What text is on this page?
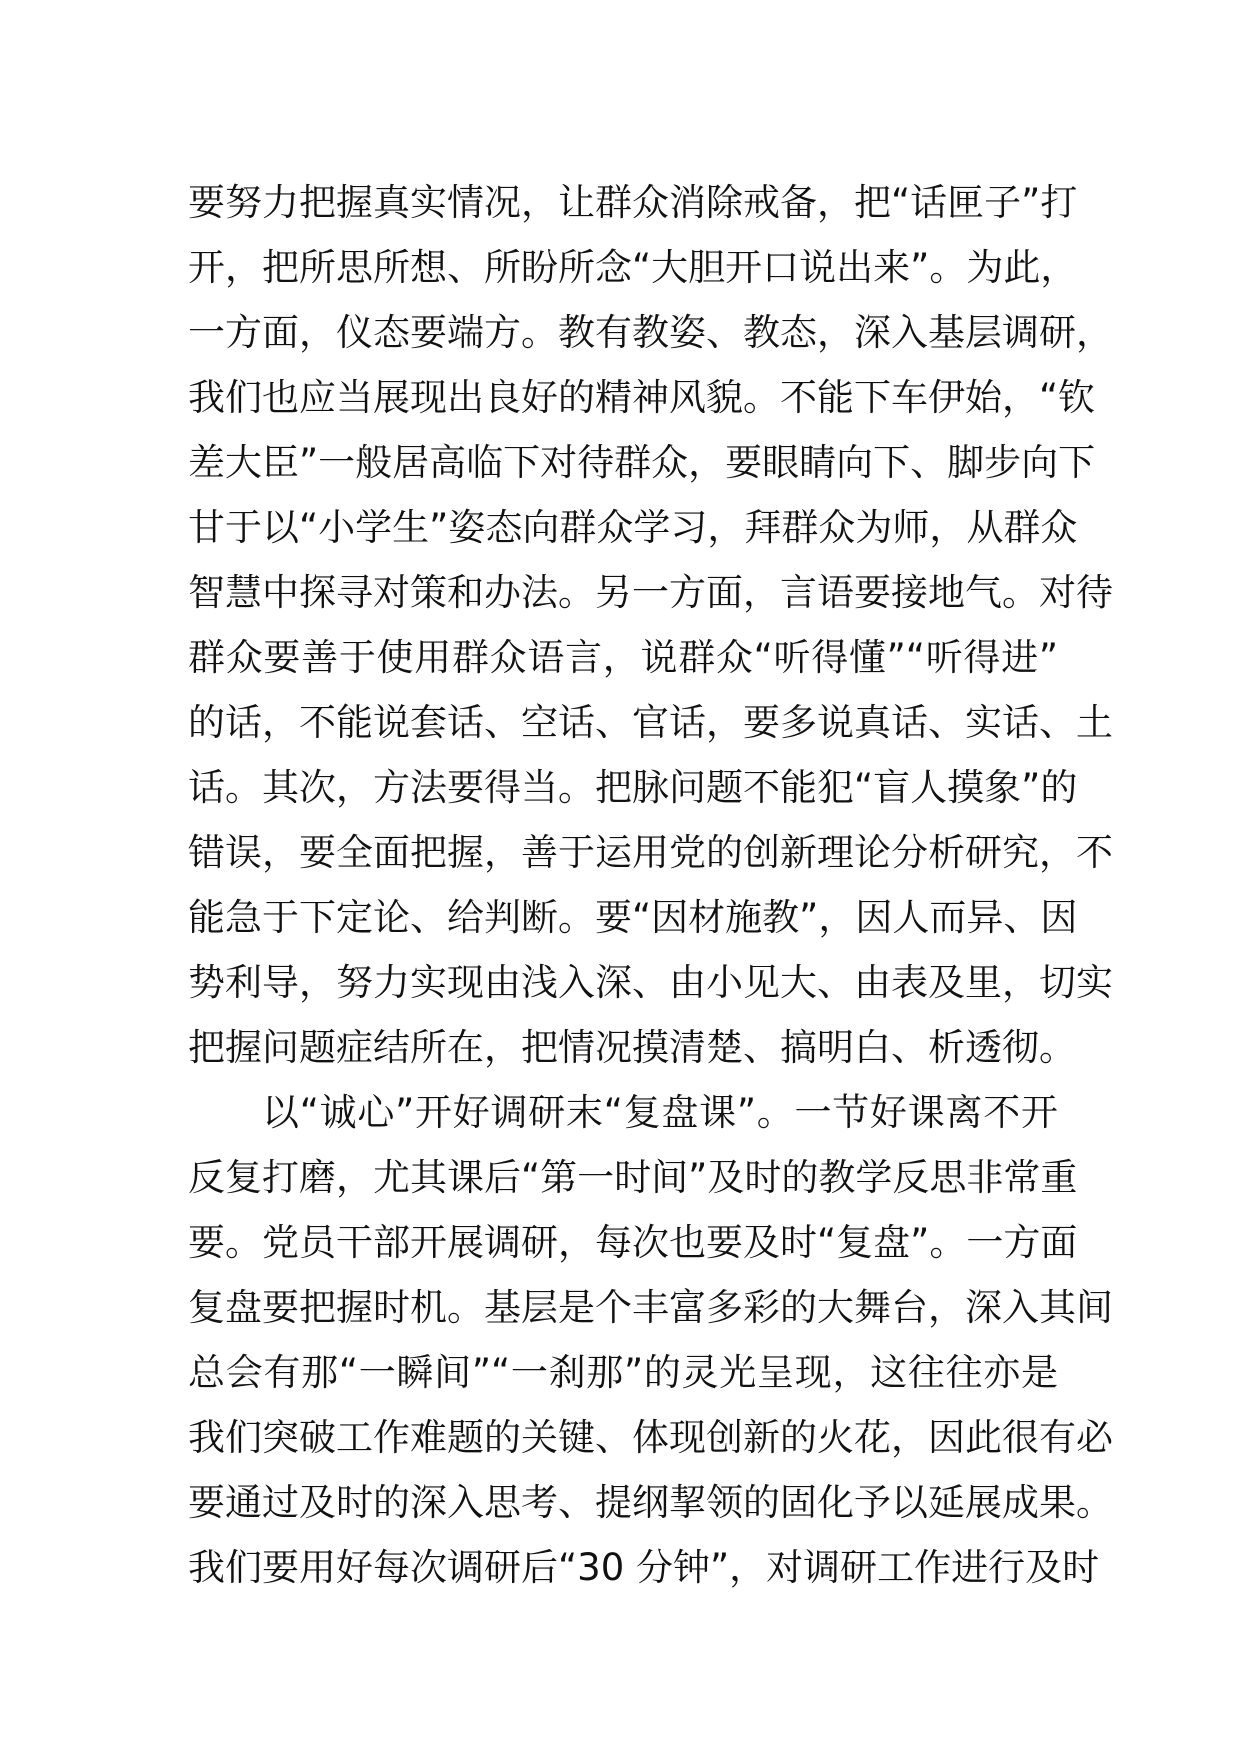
要努力把握真实情况，让群众消除戒备，把“话匣子”打
开，把所思所想、所盼所念“大胆开口说出来”。为此，
一方面，仪态要端方。教有教姿、教态，深入基层调研，
我们也应当展现出良好的精神风貌。不能下车伊始，“钦
差大臣”一般居高临下对待群众，要眼睛向下、脚步向下
甘于以“小学生”姿态向群众学习，拜群众为师，从群众
智慧中探寻对策和办法。另一方面，言语要接地气。对待
群众要善于使用群众语言，说群众“听得懂”“听得进”
的话，不能说套话、空话、官话，要多说真话、实话、土
话。其次，方法要得当。把脉问题不能犯“盲人摸象”的
错误，要全面把握，善于运用党的创新理论分析研究，不
能急于下定论、给判断。要“因材施教”，因人而异、因
势利导，努力实现由浅入深、由小见大、由表及里，切实
把握问题症结所在，把情况摸清楚、搞明白、析透彻。
以“诚心”开好调研末“复盘课”。一节好课离不开
反复打磨，尤其课后“第一时间”及时的教学反思非常重
要。党员干部开展调研，每次也要及时“复盘”。一方面
复盘要把握时机。基层是个丰富多彩的大舞台，深入其间
总会有那“一瞬间”“一刹那”的灵光呈现，这往往亦是
我们突破工作难题的关键、体现创新的火花，因此很有必
要通过及时的深入思考、提纲挈领的固化予以延展成果。
我们要用好每次调研后“30 分钟”，对调研工作进行及时
